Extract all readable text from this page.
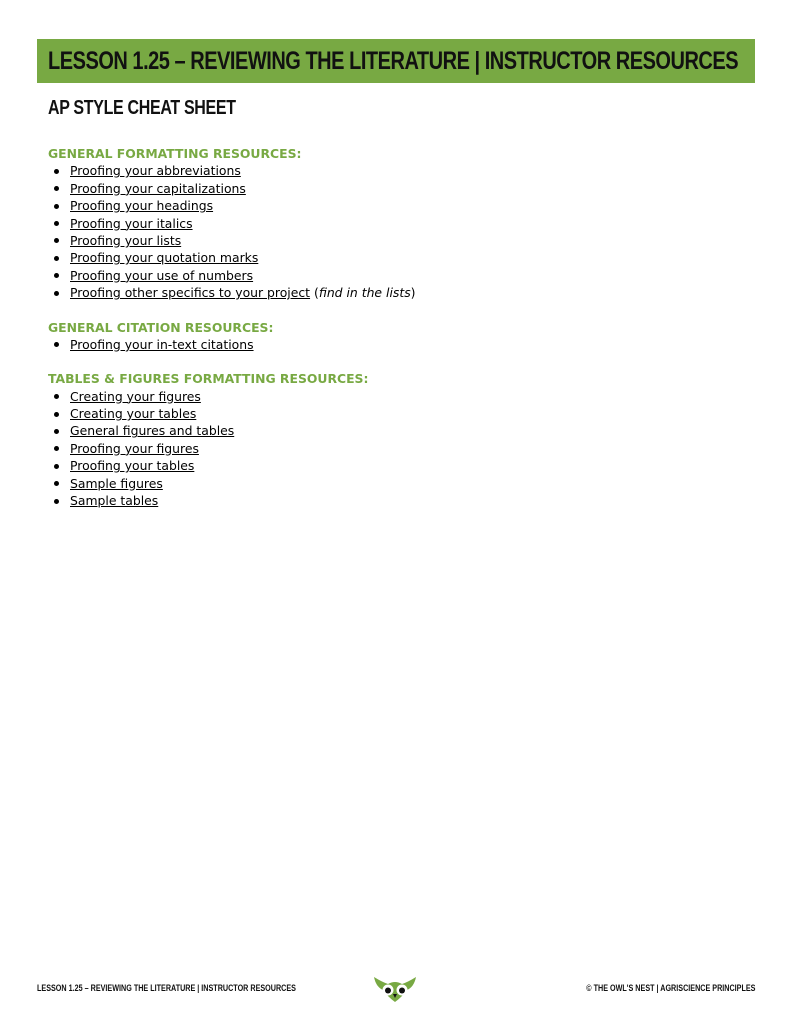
LESSON 1.25 – REVIEWING THE LITERATURE | INSTRUCTOR RESOURCES
AP STYLE CHEAT SHEET
GENERAL FORMATTING RESOURCES:
Proofing your abbreviations
Proofing your capitalizations
Proofing your headings
Proofing your italics
Proofing your lists
Proofing your quotation marks
Proofing your use of numbers
Proofing other specifics to your project (find in the lists)
GENERAL CITATION RESOURCES:
Proofing your in-text citations
TABLES & FIGURES FORMATTING RESOURCES:
Creating your figures
Creating your tables
General figures and tables
Proofing your figures
Proofing your tables
Sample figures
Sample tables
LESSON 1.25 – REVIEWING THE LITERATURE | INSTRUCTOR RESOURCES	© THE OWL'S NEST | AGRISCIENCE PRINCIPLES
